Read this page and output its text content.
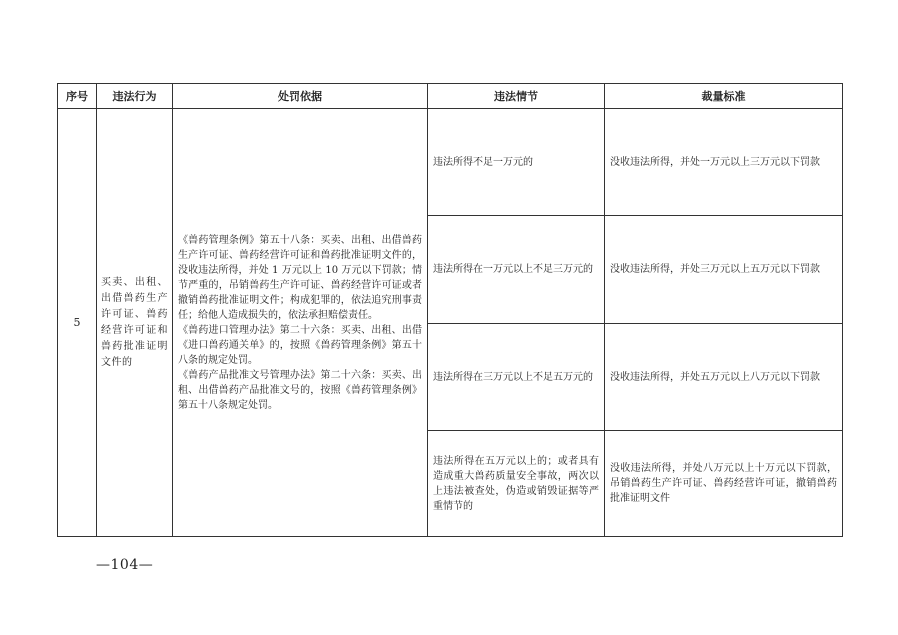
序号	违法行为	处罚依据	违法情节	裁量标准
5	买卖、出租、出借兽药生产许可证、兽药经营许可证和兽药批准证明文件的	《兽药管理条例》第五十八条：买卖、出租、出借兽药生产许可证、兽药经营许可证和兽药批准证明文件的，没收违法所得，并处 1 万元以上 10 万元以下罚款；情节严重的，吊销兽药生产许可证、兽药经营许可证或者撤销兽药批准证明文件；构成犯罪的，依法追究刑事责任；给他人造成损失的，依法承担赔偿责任。
《兽药进口管理办法》第二十六条：买卖、出租、出借《进口兽药通关单》的，按照《兽药管理条例》第五十八条的规定处罚。
《兽药产品批准文号管理办法》第二十六条：买卖、出租、出借兽药产品批准文号的，按照《兽药管理条例》第五十八条规定处罚。	违法所得不足一万元的	没收违法所得，并处一万元以上三万元以下罚款
			违法所得在一万元以上不足三万元的	没收违法所得，并处三万元以上五万元以下罚款
			违法所得在三万元以上不足五万元的	没收违法所得，并处五万元以上八万元以下罚款
			违法所得在五万元以上的；或者具有造成重大兽药质量安全事故，两次以上违法被查处，伪造或销毁证据等严重情节的	没收违法所得，并处八万元以上十万元以下罚款，吊销兽药生产许可证、兽药经营许可证，撤销兽药批准证明文件
—104—
